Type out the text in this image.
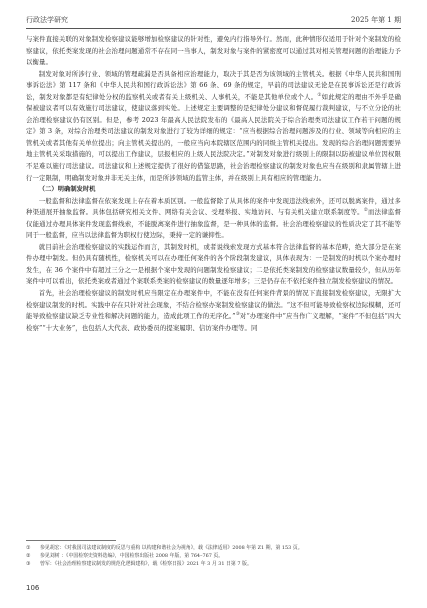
行政法学研究	2025 年第 1 期

与案件直接关联的对象制发检察建议能够增加检察建议的针对性，避免内行指导外行。然而，此种情形仅适用于针对个案制发的检察建议，依托类案发现的社会治理问题通常不存在同一当事人，制发对象与案件的紧密度可以通过其对相关管理问题的治理能力予以衡量。

制发对象对所涉行业、领域的管理疏漏是否具备相应治理能力，取决于其是否为该领域的主管机关。根据《中华人民共和国刑事诉讼法》第 117 条和《中华人民共和国行政诉讼法》第 66 条、69 条的规定，早前的司法建议无论是在民事诉讼还是行政诉讼，制发对象都是有纪律处分权的监察机关或者有关上级机关、人事机关，不能是其他单位或个人。①如此规定的理由不外乎是确保被建议者可以有效施行司法建议，使建议落到实处。上述规定主要调整的是纪律处分建议和督促履行裁判建议，与不立分论的社会治理检察建议仍有区别。但是，参考 2023 年最高人民法院发布的《最高人民法院关于综合治理类司法建议工作若干问题的规定》第 3 条，对综合治理类司法建议的制发对象进行了较为详细的规定：“应当根据综合治理问题涉及的行业、领域等向相应的主管机关或者其他有关单位提出；向主管机关提出的，一般应当向本院辖区范围内的同级主管机关提出。发现的综合治理问题需要异地主管机关采取措施的，可以提出工作建议，层报相应的上级人民法院决定。”对制发对象进行级别上的限制以防被建议单位因权限不足难以施行司法建议。司法建议和上述规定提供了很好的借鉴思路，社会治理检察建议的制发对象也应当在级别和隶属管辖上进行一定限制，明确制发对象并非无关主体，而是所涉领域的监管主体，并在级别上具有相应的管理能力。

（二）明确制发时机

一般监督和法律监督在依案发现上存在着本质区别。一般监督除了从具体的案件中发现违法线索外，还可以脱离案件，通过多种渠道展开抽象监督。具体包括研究相关文件、网络有关会议、受理举报、实地访问、与有关机关建立联系制度等。②而法律监督仅能通过办理具体案件发现监督线索，不能脱离案件进行抽象监督，是一种具体的监督。社会治理检察建议的性质决定了其不能等同于一般监督，应当以法律监督为职权行使边际，秉持一定的谦抑性。

就目前社会治理检察建议的实践运作而言，其制发时机，或者说线索发现方式基本符合法律监督的基本范畴，绝大部分是在案件办理中制发。但仍具有随机性，检察机关可以在办理任何案件的各个阶段制发建议，具体表现为：一是制发的时机以个案办理时发生，在 36 个案件中有超过三分之一是根据个案中发现的问题制发检察建议；二是依托类案制发的检察建议数量较少，但从历年案件中可以看出，依托类案或者通过个案联系类案的检察建议的数量逐年增多；三是仍存在不依托案件独立制发检察建议的情况。

首先，社会治理检察建议的制发时机应当限定在办理案件中，不能在没有任何案件背景的情况下直接制发检察建议，无限扩大检察建议制发的时机。实践中存在只针对社会现象，不结合检察办案制发检察建议的做法。“这不但可能导致检察权边际模糊，还可能导致检察建议缺乏专业性和解决问题的能力，造成此项工作的无序化。”③对“办理案件中”应当作广义理解，“案件”不但包括“四大检察”“十大业务”，也包括人大代表、政协委员的提案履职、信访案件办理等。同

①	参见胡宏：《对我国司法建议制度的反思与重构 以构建和谐社会为视角》，载《法律适用》2008 年第 Z1 期，第 153 页。
②	参见刘树 ：《中国检察史资料选编》，中国检察出版社 2008 年版，第 764–767 页。
③	曾军：《社会治理检察建议制发的规范化逻辑建构》，载《检察日报》2021 年 3 月 31 日第 7 版。
106
